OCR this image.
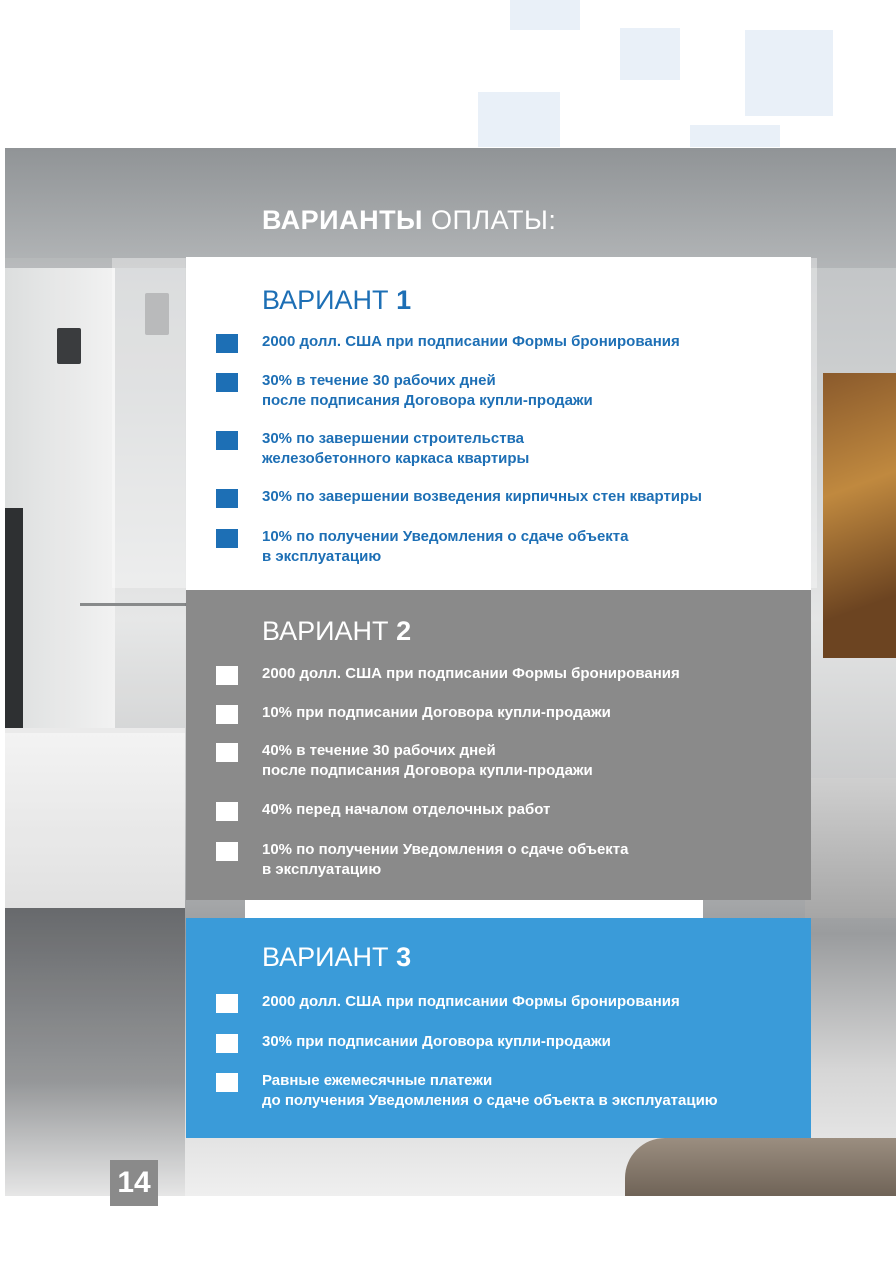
ВАРИАНТЫ ОПЛАТЫ:
ВАРИАНТ 1
2000 долл. США при подписании Формы бронирования
30% в течение 30 рабочих дней
после подписания Договора купли-продажи
30% по завершении строительства
железобетонного каркаса квартиры
30% по завершении возведения кирпичных стен квартиры
10% по получении Уведомления о сдаче объекта
в эксплуатацию
ВАРИАНТ 2
2000 долл. США при подписании Формы бронирования
10% при подписании Договора купли-продажи
40% в течение 30 рабочих дней
после подписания Договора купли-продажи
40% перед началом отделочных работ
10% по получении Уведомления о сдаче объекта
в эксплуатацию
ВАРИАНТ 3
2000 долл. США при подписании Формы бронирования
30% при подписании Договора купли-продажи
Равные ежемесячные платежи
до получения Уведомления о сдаче объекта в эксплуатацию
14
